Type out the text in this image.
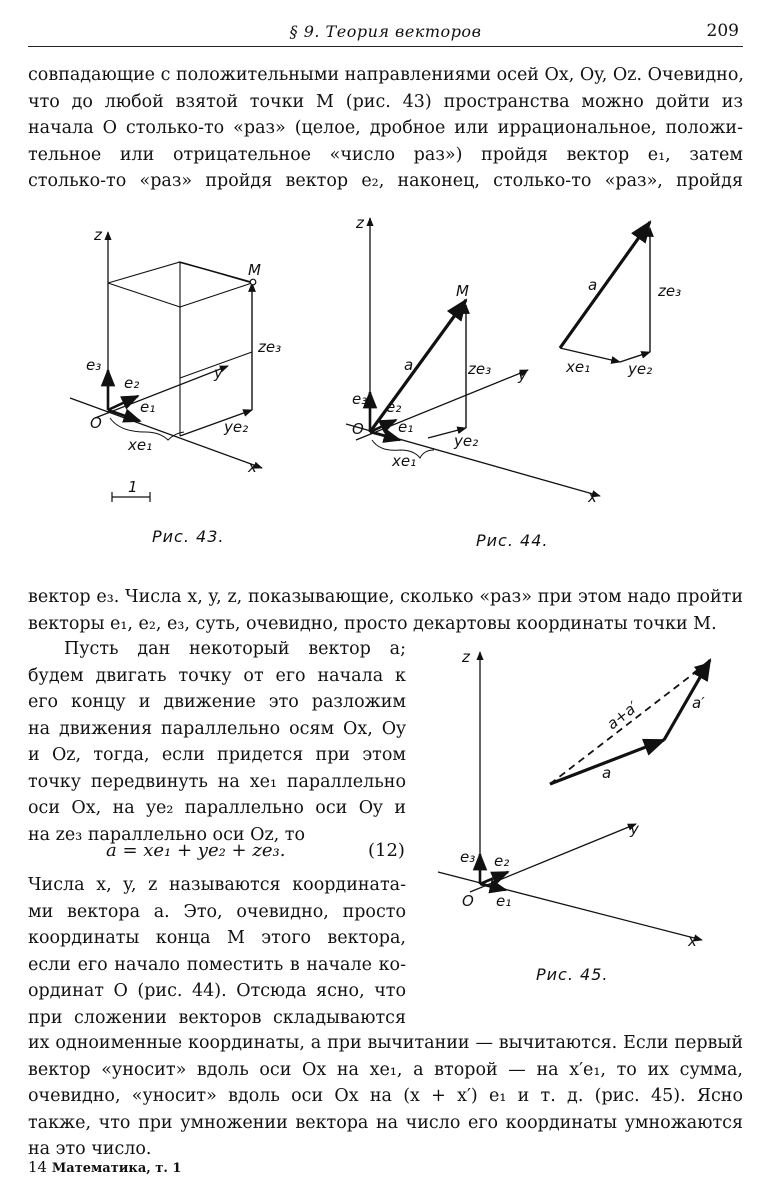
§ 9. Теория векторов	209
совпадающие с положительными направлениями осей Ox, Oy, Oz. Очевидно,
что до любой взятой точки M (рис. 43) пространства можно дойти из
начала O столько-то «раз» (целое, дробное или иррациональное, положи-
тельное или отрицательное «число раз») пройдя вектор e₁, затем
столько-то «раз» пройдя вектор e₂, наконец, столько-то «раз», пройдя
z
M
ze₃
y
e₃
e₂
e₁
O
xe₁
ye₂
x
1
Рис. 43.
z
M
a	ze₃ y
e₃ e₂
e₁
O
ye₂
xe₁
x
a	ze₃
xe₁	ye₂
Рис. 44.
вектор e₃. Числа x, y, z, показывающие, сколько «раз» при этом надо пройти
векторы e₁, e₂, e₃, суть, очевидно, просто декартовы координаты точки M.
Пусть дан некоторый вектор a;
будем двигать точку от его начала к
его концу и движение это разложим
на движения параллельно осям Ox, Oy
и Oz, тогда, если придется при этом
точку передвинуть на xe₁ параллельно
оси Ox, на ye₂ параллельно оси Oy и
на ze₃ параллельно оси Oz, то
a = xe₁ + ye₂ + ze₃.	(12)
Числа x, y, z называются координата-
ми вектора a. Это, очевидно, просто
координаты конца M этого вектора,
если его начало поместить в начале ко-
ординат O (рис. 44). Отсюда ясно, что
при сложении векторов складываются
z
y
x
e₃ e₂
e₁
O
a
a′
a+a′
Рис. 45.
их одноименные координаты, а при вычитании — вычитаются. Если первый
вектор «уносит» вдоль оси Ox на xe₁, а второй — на x′e₁, то их сумма,
очевидно, «уносит» вдоль оси Ox на (x + x′) e₁ и т. д. (рис. 45). Ясно
также, что при умножении вектора на число его координаты умножаются
на это число.
14 Математика, т. 1
